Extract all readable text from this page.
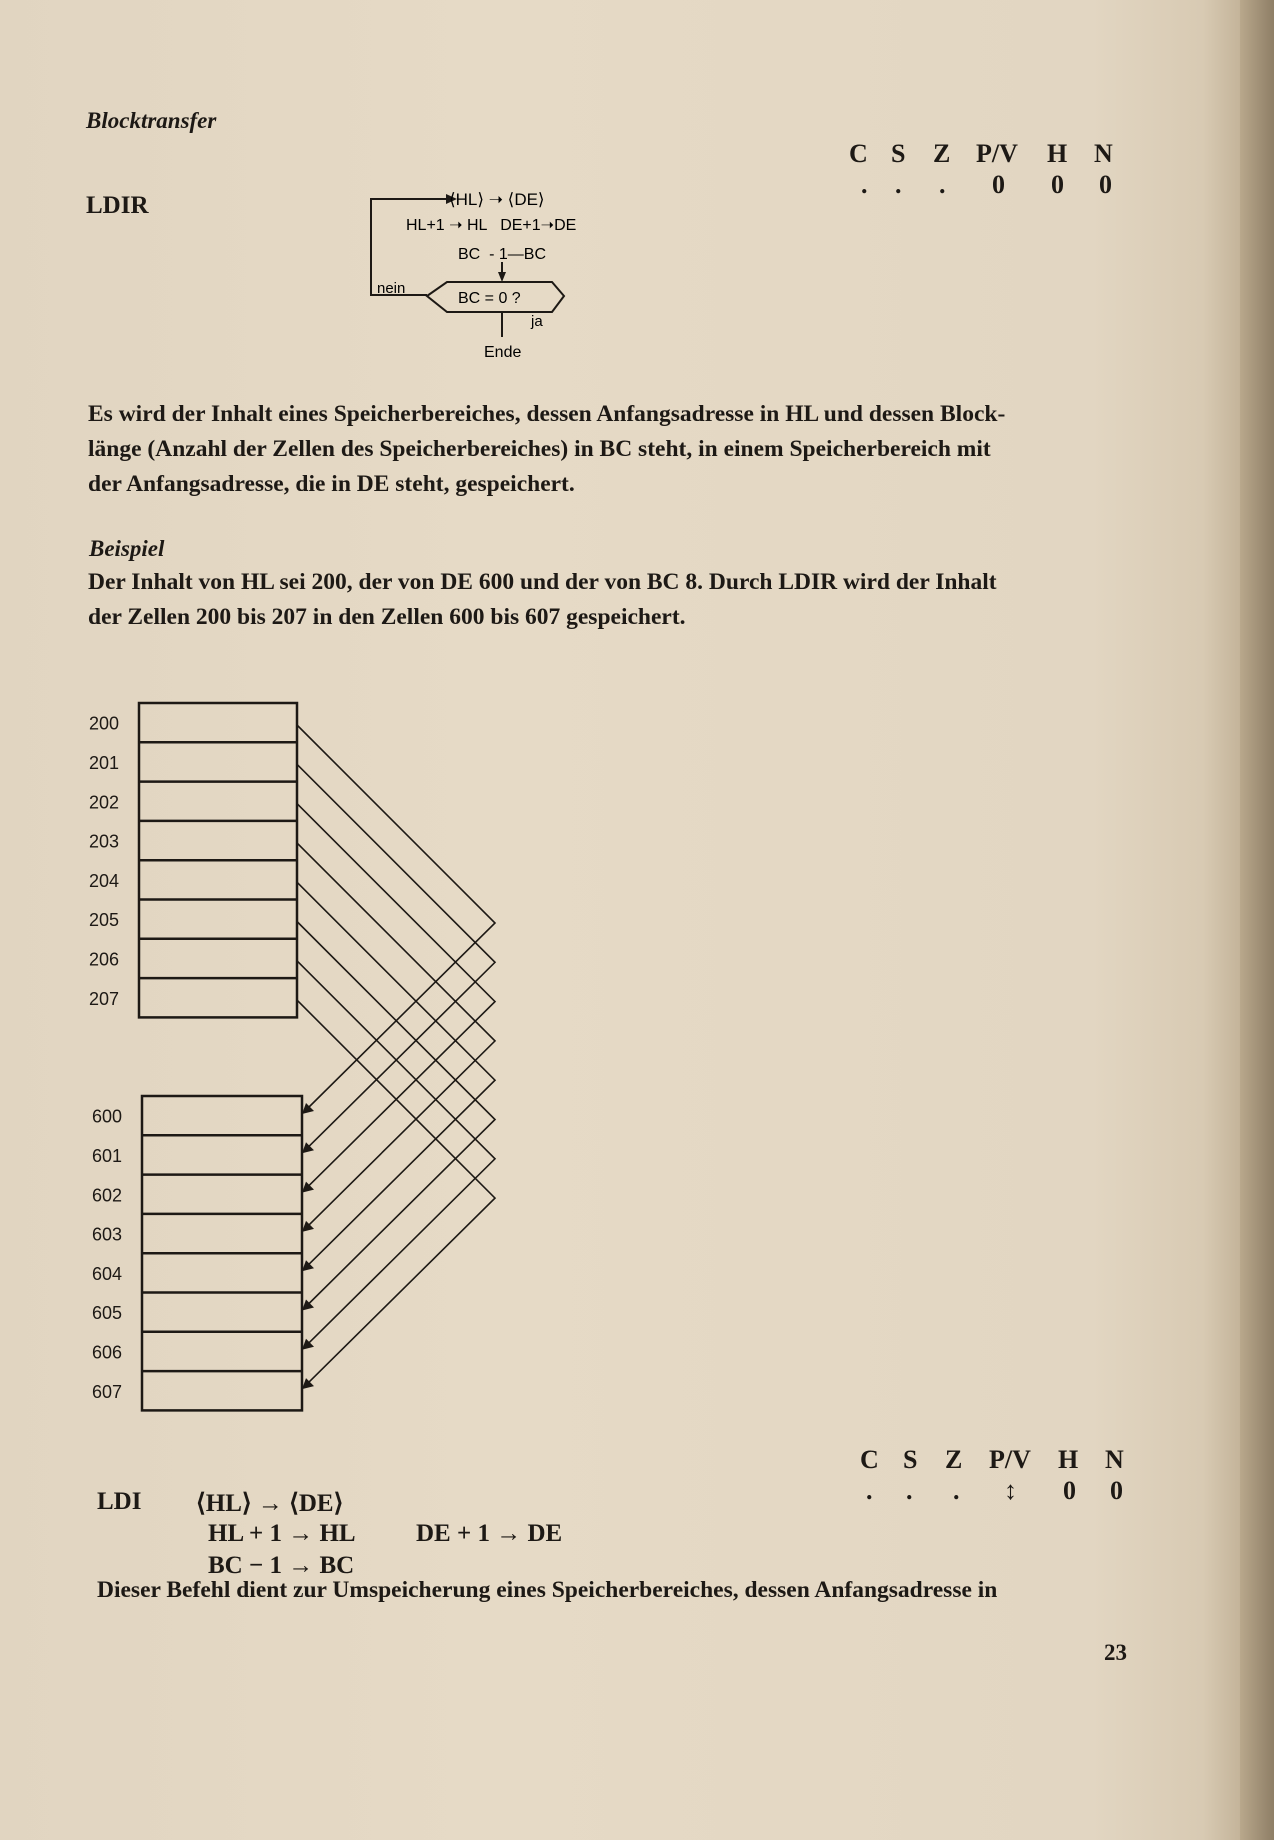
Blocktransfer
LDIR
C S Z P/V H N
. . . 0 0 0
⟨HL⟩ ➝ ⟨DE⟩
HL+1 ➝ HL   DE+1➝DE
BC  - 1—BC
BC = 0 ?
nein
ja
Ende
Es wird der Inhalt eines Speicherbereiches, dessen Anfangsadresse in HL und dessen Block-
länge (Anzahl der Zellen des Speicherbereiches) in BC steht, in einem Speicherbereich mit
der Anfangsadresse, die in DE steht, gespeichert.
Beispiel
Der Inhalt von HL sei 200, der von DE 600 und der von BC 8. Durch LDIR wird der Inhalt
der Zellen 200 bis 207 in den Zellen 600 bis 607 gespeichert.
200
201
202
203
204
205
206
207
600
601
602
603
604
605
606
607
C S Z P/V H N
. . . ↕ 0 0
LDI ⟨HL⟩ → ⟨DE⟩
HL + 1 → HL DE + 1 → DE
BC − 1 → BC
Dieser Befehl dient zur Umspeicherung eines Speicherbereiches, dessen Anfangsadresse in
23
